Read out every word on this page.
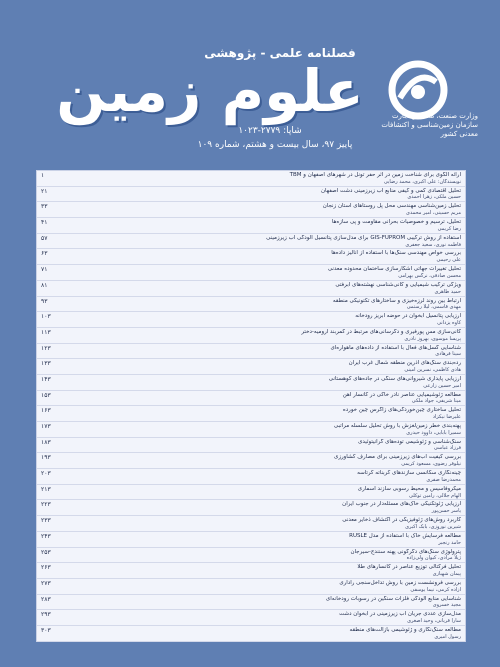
فصلنامه علمی - پژوهشی
علوم زمین
شاپا: ۲۷۷۹-۱۰۲۳
پاییز ۹۷، سال بیست و هشتم، شماره ۱۰۹
وزارت صنعت، معدن و تجارت سازمان زمین‌شناسی و اکتشافات معدنی کشور
۱	ارائه الگوی برای شناخت زمین در اثر حفر تونل در شهرهای اصفهان و TBM
نویسندگان: علی اکبری، محمد رضایی
۲۱	تحلیل اقتصادی کمی و کیفی منابع آب زیرزمینی دشت اصفهان
حسین ملکی، زهرا احمدی
۳۳	تحلیل زمین‌شناسی مهندسی محل پل روستاهای استان زنجان
مریم حسینی، امیر محمدی
۴۱	تحلیل، ترسیم و خصوصیات بحرانی مقاومت و پی سازه‌ها
رضا کریمی
۵۷	استفاده از روش ترکیبی GIS-FUPROM برای مدل‌سازی پتانسیل آلودگی آب زیرزمینی
فاطمه نوری، سعید جعفری
۶۳	بررسی خواص مهندسی سنگ‌ها با استفاده از آنالیز داده‌ها
علی رحیمی
۷۱	تحلیل تغییرات جهاتی آشکارسازی ساختمان محدوده معدنی
محسن صادقی، نرگس بهرامی
۸۱	ویژگی ترکیب شیمیایی و کانی‌شناسی نهشته‌های آبرفتی
حمید طاهری
۹۳	ارتباط بین روند لرزه‌خیزی و ساختارهای تکتونیکی منطقه
مهدی قاسمی، لیلا رستمی
۱۰۳	ارزیابی پتانسیل آبخوان در حوضه آبریز رودخانه
کاوه یزدانی
۱۱۳	کانی‌سازی مس پورفیری و دگرسانی‌های مرتبط در کمربند ارومیه-دختر
پریسا موسوی، بهروز نادری
۱۲۳	شناسایی گسل‌های فعال با استفاده از داده‌های ماهواره‌ای
سینا فرهادی
۱۳۳	رده‌بندی سنگ‌های آذرین منطقه شمال غرب ایران
هادی کاظمی، نسرین امینی
۱۴۳	ارزیابی پایداری شیروانی‌های سنگی در جاده‌های کوهستانی
امیر حسین زارعی
۱۵۳	مطالعه ژئوشیمیایی عناصر نادر خاکی در کانسار آهن
مینا شریفی، جواد ملکی
۱۶۳	تحلیل ساختاری چین‌خوردگی‌های زاگرس چین خورده
علیرضا نیکزاد
۱۷۳	پهنه‌بندی خطر زمین‌لغزش با روش تحلیل سلسله مراتبی
سمیرا بابایی، داوود حیدری
۱۸۳	سنگ‌شناسی و ژئوشیمی توده‌های گرانیتوئیدی
فرزاد عباسی
۱۹۳	بررسی کیفیت آب‌های زیرزمینی برای مصارف کشاورزی
نیلوفر رضوی، مسعود کریمی
۲۰۳	چینه‌نگاری سکانسی سازندهای کربناته کرتاسه
محمدرضا صفری
۲۱۳	میکروفاسیس و محیط رسوبی سازند آسماری
الهام جلالی، رامین توکلی
۲۲۳	ارزیابی ژئوتکنیکی خاک‌های مسئله‌دار در جنوب ایران
یاسر حسن‌پور
۲۳۳	کاربرد روش‌های ژئوفیزیکی در اکتشاف ذخایر معدنی
شیرین نوروزی، بابک اکبری
۲۴۳	مطالعه فرسایش خاک با استفاده از مدل RUSLE
حامد رنجبر
۲۵۳	پترولوژی سنگ‌های دگرگونی پهنه سنندج-سیرجان
ژیلا مرادی، کیوان ولی‌زاده
۲۶۳	تحلیل فرکتالی توزیع عناصر در کانسارهای طلا
پیمان شهبازی
۲۷۳	بررسی فرونشست زمین با روش تداخل‌سنجی راداری
آزاده کرمی، نیما یوسفی
۲۸۳	شناسایی منابع آلودگی فلزات سنگین در رسوبات رودخانه‌ای
مجید خسروی
۲۹۳	مدل‌سازی عددی جریان آب زیرزمینی در آبخوان دشت
سارا قربانی، وحید اصغری
۳۰۳	مطالعه سنگ‌نگاری و ژئوشیمی بازالت‌های منطقه
رسول امیری
